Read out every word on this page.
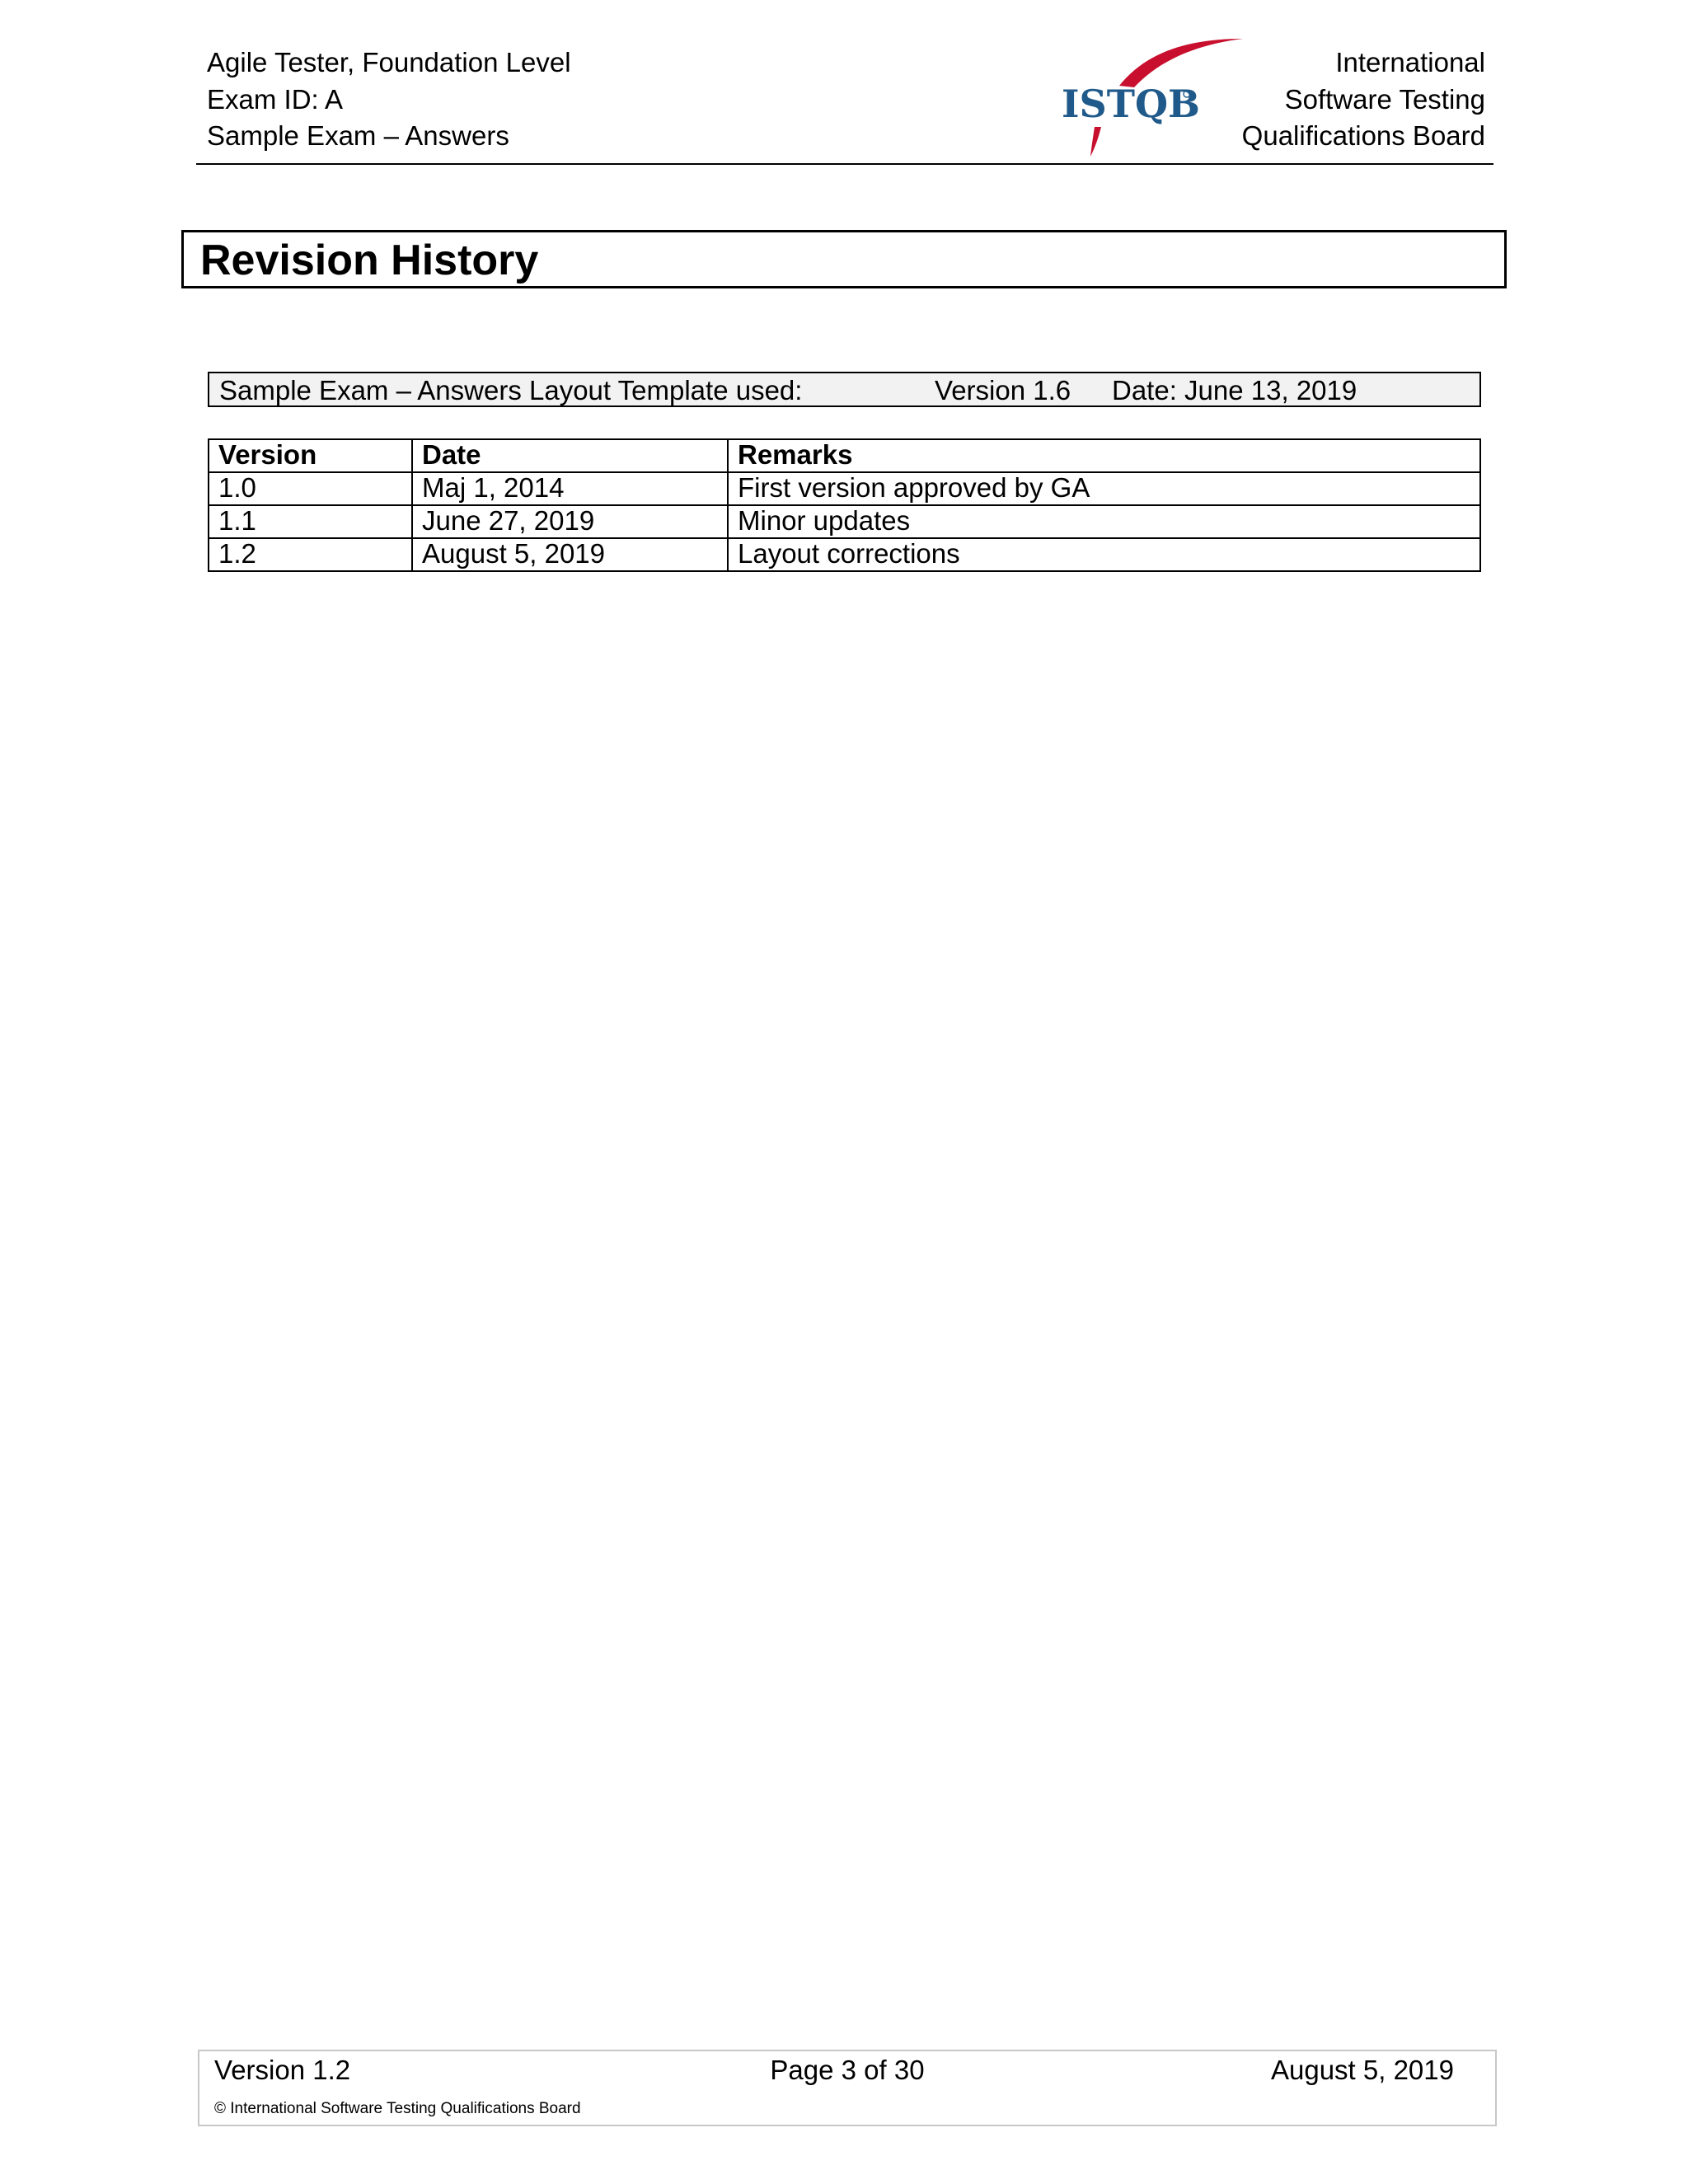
Agile Tester, Foundation Level
Exam ID: A
Sample Exam – Answers
ISTQB
International
Software Testing
Qualifications Board
Revision History
Sample Exam – Answers Layout Template used:	Version 1.6 Date: June 13, 2019
Version	Date	Remarks
1.0	Maj 1, 2014	First version approved by GA
1.1	June 27, 2019	Minor updates
1.2	August 5, 2019	Layout corrections
Version 1.2	Page 3 of 30	August 5, 2019
© International Software Testing Qualifications Board
